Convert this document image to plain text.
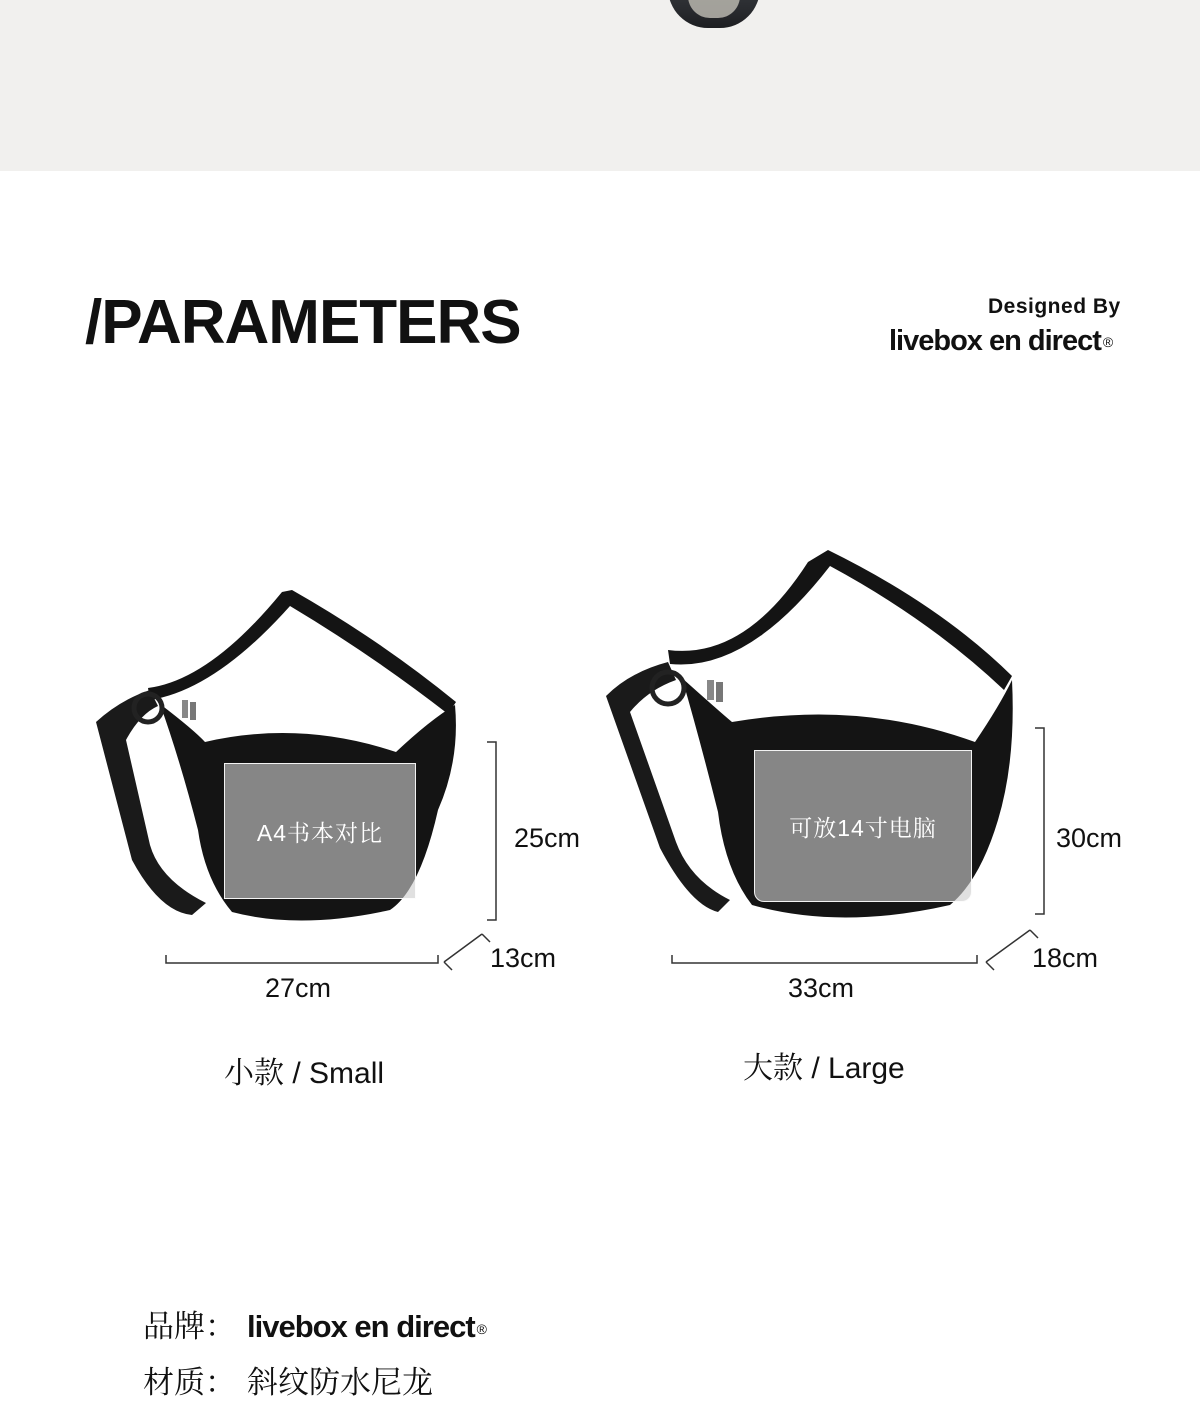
/PARAMETERS	Designed By
livebox en direct ®
A4书本对比	可放14寸电脑
25cm
13cm
27cm
30cm
18cm
33cm
小款 / Small	大款 / Large
品牌： livebox en direct ®
材质： 斜纹防水尼龙
